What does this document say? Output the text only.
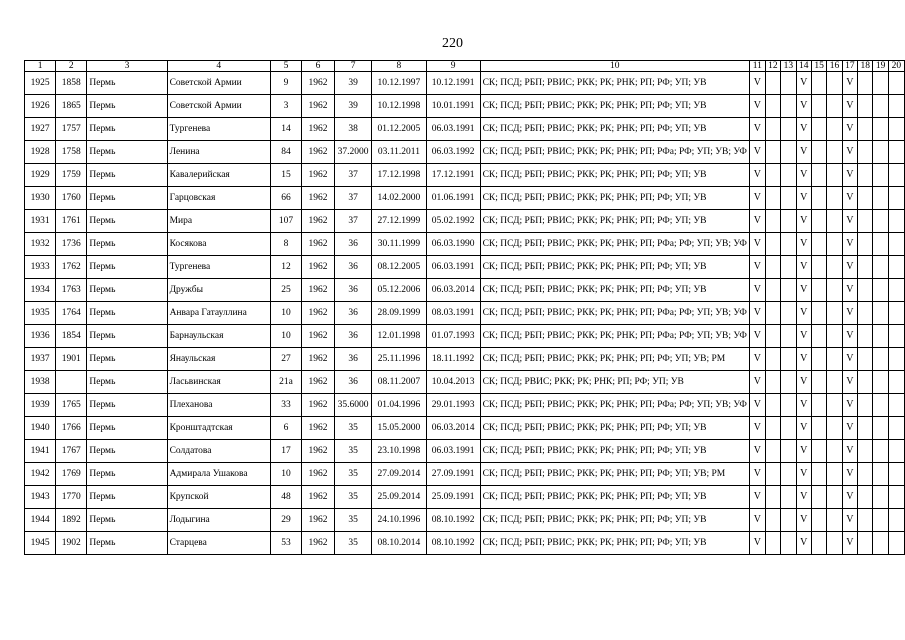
220
1	2	3	4	5	6	7	8	9	10	11	12	13	14	15	16	17	18	19	20
1925	1858	Пермь	Советской Армии	9	1962	39	10.12.1997	10.12.1991	СК; ПСД; РБП; РВИС; РКК; РК; РНК; РП; РФ; УП; УВ	V			V			V			
1926	1865	Пермь	Советской Армии	3	1962	39	10.12.1998	10.01.1991	СК; ПСД; РБП; РВИС; РКК; РК; РНК; РП; РФ; УП; УВ	V			V			V			
1927	1757	Пермь	Тургенева	14	1962	38	01.12.2005	06.03.1991	СК; ПСД; РБП; РВИС; РКК; РК; РНК; РП; РФ; УП; УВ	V			V			V			
1928	1758	Пермь	Ленина	84	1962	37.2000	03.11.2011	06.03.1992	СК; ПСД; РБП; РВИС; РКК; РК; РНК; РП; РФа; РФ; УП; УВ; УФ	V			V			V			
1929	1759	Пермь	Кавалерийская	15	1962	37	17.12.1998	17.12.1991	СК; ПСД; РБП; РВИС; РКК; РК; РНК; РП; РФ; УП; УВ	V			V			V			
1930	1760	Пермь	Гарцовская	66	1962	37	14.02.2000	01.06.1991	СК; ПСД; РБП; РВИС; РКК; РК; РНК; РП; РФ; УП; УВ	V			V			V			
1931	1761	Пермь	Мира	107	1962	37	27.12.1999	05.02.1992	СК; ПСД; РБП; РВИС; РКК; РК; РНК; РП; РФ; УП; УВ	V			V			V			
1932	1736	Пермь	Косякова	8	1962	36	30.11.1999	06.03.1990	СК; ПСД; РБП; РВИС; РКК; РК; РНК; РП; РФа; РФ; УП; УВ; УФ	V			V			V			
1933	1762	Пермь	Тургенева	12	1962	36	08.12.2005	06.03.1991	СК; ПСД; РБП; РВИС; РКК; РК; РНК; РП; РФ; УП; УВ	V			V			V			
1934	1763	Пермь	Дружбы	25	1962	36	05.12.2006	06.03.2014	СК; ПСД; РБП; РВИС; РКК; РК; РНК; РП; РФ; УП; УВ	V			V			V			
1935	1764	Пермь	Анвара Гатауллина	10	1962	36	28.09.1999	08.03.1991	СК; ПСД; РБП; РВИС; РКК; РК; РНК; РП; РФа; РФ; УП; УВ; УФ	V			V			V			
1936	1854	Пермь	Барнаульская	10	1962	36	12.01.1998	01.07.1993	СК; ПСД; РБП; РВИС; РКК; РК; РНК; РП; РФа; РФ; УП; УВ; УФ	V			V			V			
1937	1901	Пермь	Янаульская	27	1962	36	25.11.1996	18.11.1992	СК; ПСД; РБП; РВИС; РКК; РК; РНК; РП; РФ; УП; УВ; РМ	V			V			V			
1938		Пермь	Ласьвинская	21а	1962	36	08.11.2007	10.04.2013	СК; ПСД; РВИС; РКК; РК; РНК; РП; РФ; УП; УВ	V			V			V			
1939	1765	Пермь	Плеханова	33	1962	35.6000	01.04.1996	29.01.1993	СК; ПСД; РБП; РВИС; РКК; РК; РНК; РП; РФа; РФ; УП; УВ; УФ	V			V			V			
1940	1766	Пермь	Кронштадтская	6	1962	35	15.05.2000	06.03.2014	СК; ПСД; РБП; РВИС; РКК; РК; РНК; РП; РФ; УП; УВ	V			V			V			
1941	1767	Пермь	Солдатова	17	1962	35	23.10.1998	06.03.1991	СК; ПСД; РБП; РВИС; РКК; РК; РНК; РП; РФ; УП; УВ	V			V			V			
1942	1769	Пермь	Адмирала Ушакова	10	1962	35	27.09.2014	27.09.1991	СК; ПСД; РБП; РВИС; РКК; РК; РНК; РП; РФ; УП; УВ; РМ	V			V			V			
1943	1770	Пермь	Крупской	48	1962	35	25.09.2014	25.09.1991	СК; ПСД; РБП; РВИС; РКК; РК; РНК; РП; РФ; УП; УВ	V			V			V			
1944	1892	Пермь	Лодыгина	29	1962	35	24.10.1996	08.10.1992	СК; ПСД; РБП; РВИС; РКК; РК; РНК; РП; РФ; УП; УВ	V			V			V			
1945	1902	Пермь	Старцева	53	1962	35	08.10.2014	08.10.1992	СК; ПСД; РБП; РВИС; РКК; РК; РНК; РП; РФ; УП; УВ	V			V			V			
